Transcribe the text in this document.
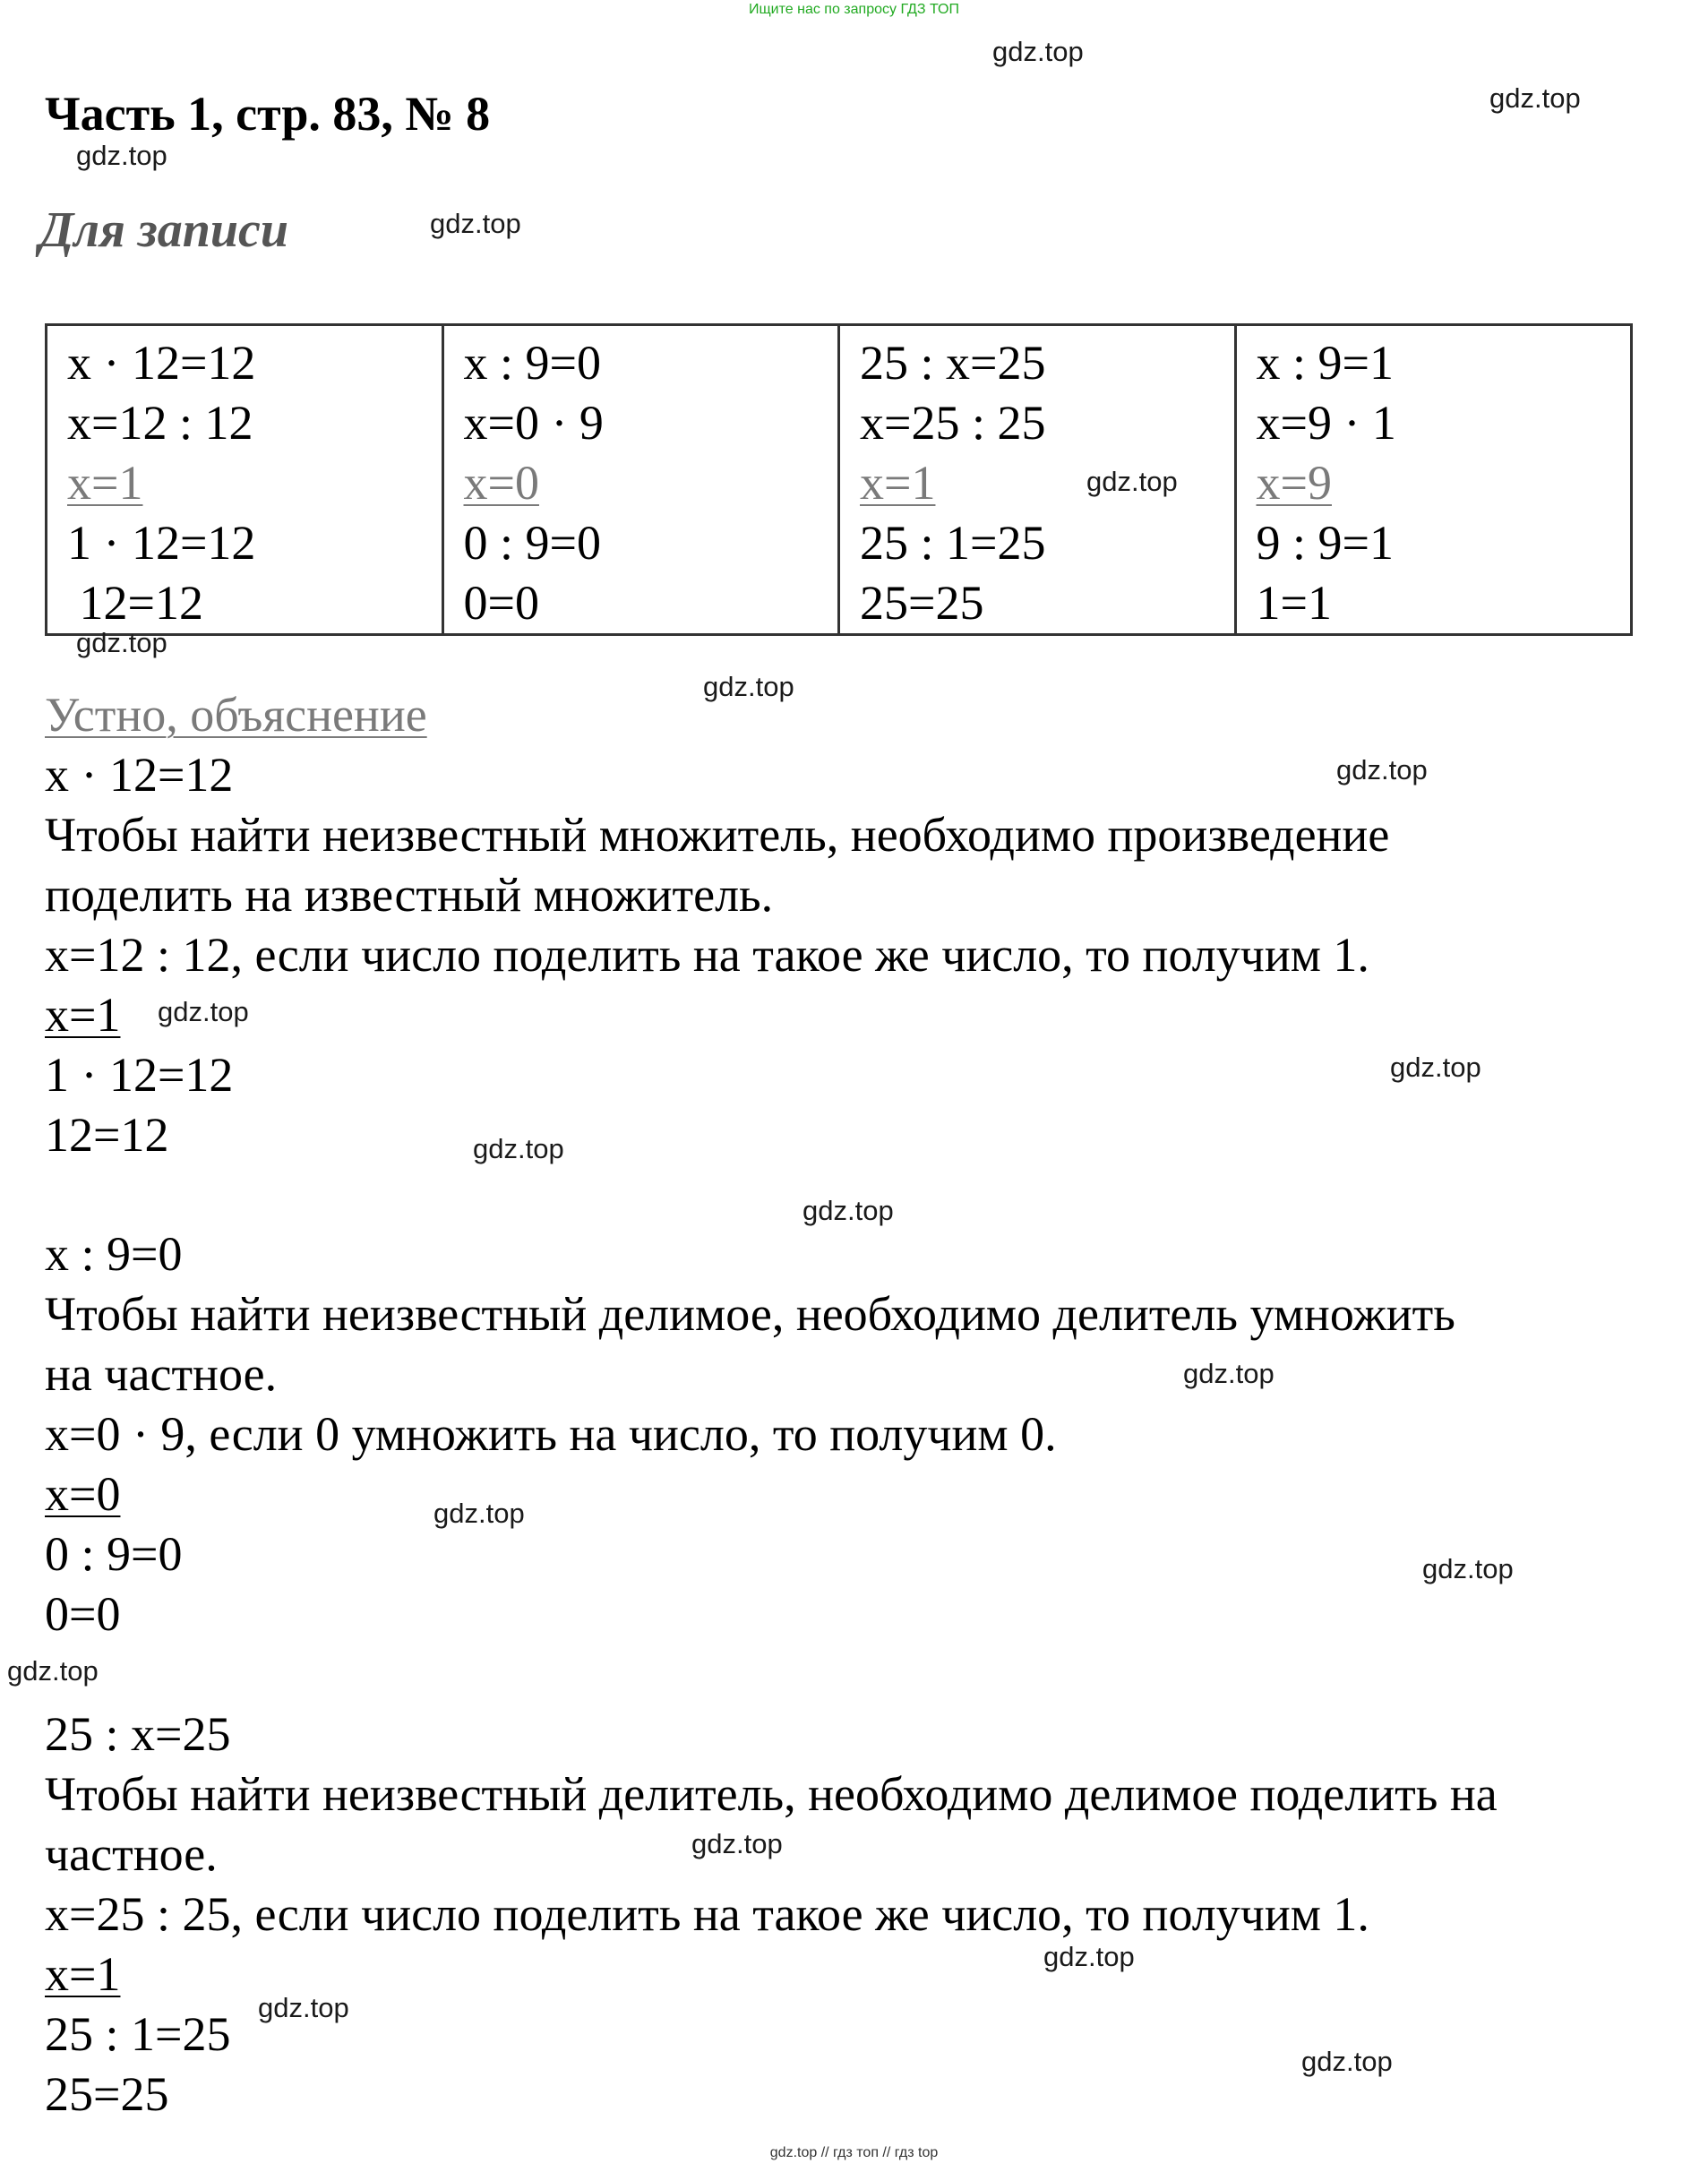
Ищите нас по запросу ГДЗ ТОП
Часть 1, стр. 83, № 8
Для записи
x · 12=12
x=12 : 12
x=1
1 · 12=12
12=12

x : 9=0
x=0 · 9
x=0
0 : 9=0
0=0

25 : x=25
x=25 : 25
x=1
25 : 1=25
25=25

x : 9=1
x=9 · 1
x=9
9 : 9=1
1=1

Устно, объяснение

x · 12=12

Чтобы найти неизвестный множитель, необходимо произведение

поделить на известный множитель.

x=12 : 12, если число поделить на такое же число, то получим 1.

x=1

1 · 12=12

12=12

x : 9=0

Чтобы найти неизвестный делимое, необходимо делитель умножить

на частное.

x=0 · 9, если 0 умножить на число, то получим 0.

x=0

0 : 9=0

0=0

25 : x=25

Чтобы найти неизвестный делитель, необходимо делимое поделить на

частное.

x=25 : 25, если число поделить на такое же число, то получим 1.

x=1

25 : 1=25

25=25

gdz.top
gdz.top
gdz.top
gdz.top
gdz.top
gdz.top
gdz.top
gdz.top
gdz.top
gdz.top
gdz.top
gdz.top
gdz.top
gdz.top
gdz.top
gdz.top
gdz.top
gdz.top
gdz.top
gdz.top
gdz.top // гдз топ // гдз top
